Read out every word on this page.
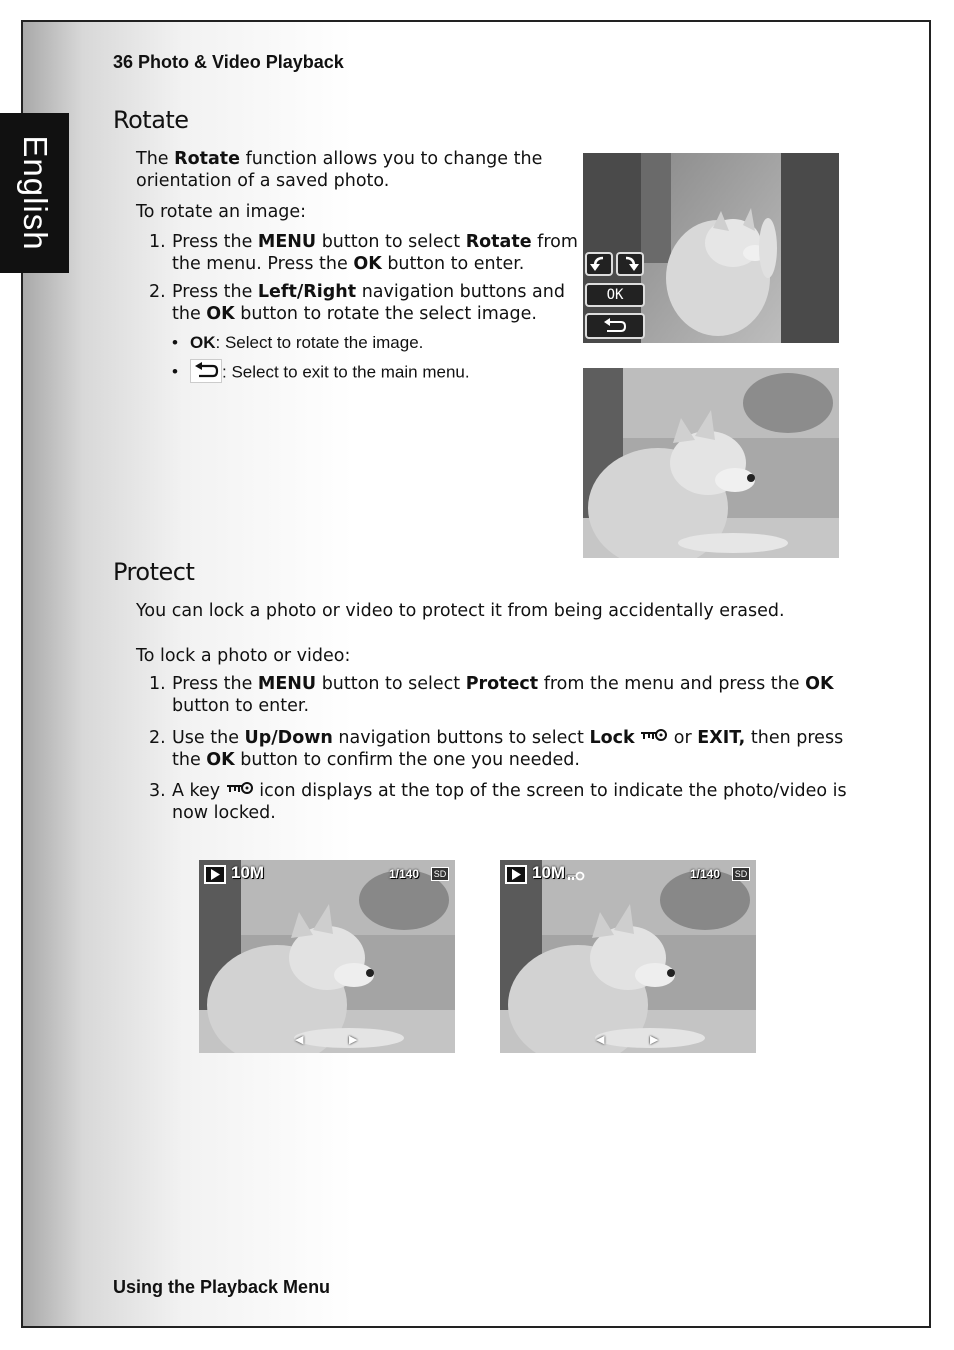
English
36 Photo & Video Playback
Rotate
The Rotate function allows you to change the
orientation of a saved photo.
To rotate an image:
1. Press the MENU button to select Rotate from
the menu. Press the OK button to enter.
2. Press the Left/Right navigation buttons and
the OK button to rotate the select image.
• OK: Select to rotate the image.
•	: Select to exit to the main menu.
OK
Protect
You can lock a photo or video to protect it from being accidentally erased.
To lock a photo or video:
1. Press the MENU button to select Protect from the menu and press the OK
button to enter.
2. Use the Up/Down navigation buttons to select Lock  or EXIT, then press
the OK button to confirm the one you needed.
3. A key  icon displays at the top of the screen to indicate the photo/video is
now locked.
10M	1/140	SD
◀	▶
10M	1/140	SD
◀	▶
Using the Playback Menu
